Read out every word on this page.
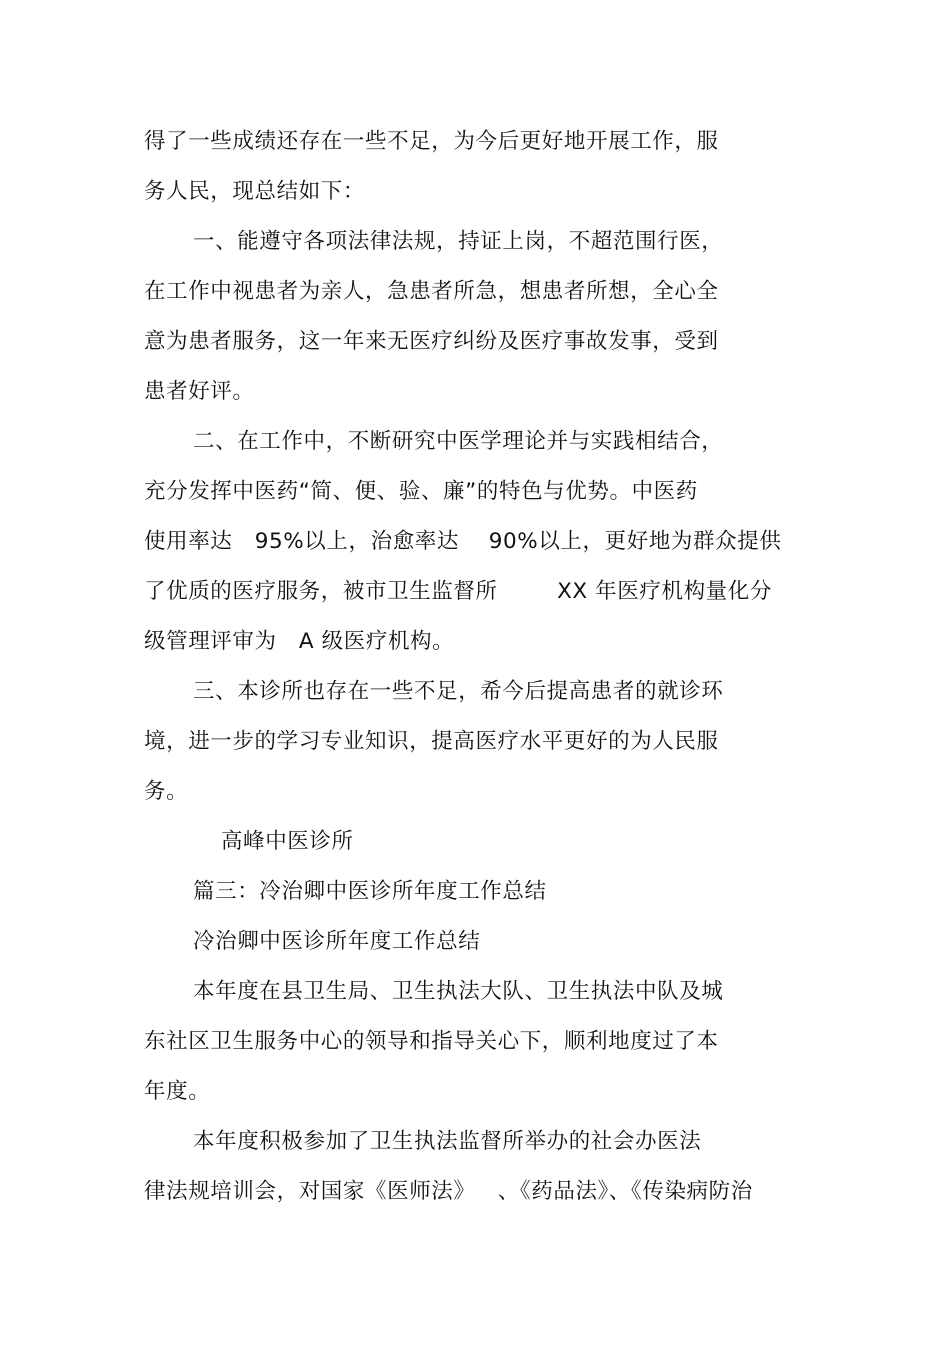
得了一些成绩还存在一些不足，为今后更好地开展工作，服
务人民，现总结如下：
一、能遵守各项法律法规，持证上岗，不超范围行医，
在工作中视患者为亲人，急患者所急，想患者所想，全心全
意为患者服务，这一年来无医疗纠纷及医疗事故发事，受到
患者好评。
二、在工作中，不断研究中医学理论并与实践相结合，
充分发挥中医药“简、便、验、廉”的特色与优势。中医药
使用率达   95%以上，治愈率达    90%以上，更好地为群众提供
了优质的医疗服务，被市卫生监督所        XX 年医疗机构量化分
级管理评审为   A 级医疗机构。
三、本诊所也存在一些不足，希今后提高患者的就诊环
境，进一步的学习专业知识，提高医疗水平更好的为人民服
务。
高峰中医诊所
篇三：冷治卿中医诊所年度工作总结
冷治卿中医诊所年度工作总结
本年度在县卫生局、卫生执法大队、卫生执法中队及城
东社区卫生服务中心的领导和指导关心下，顺利地度过了本
年度。
本年度积极参加了卫生执法监督所举办的社会办医法
律法规培训会，对国家《医师法》   、《药品法》、《传染病防治
